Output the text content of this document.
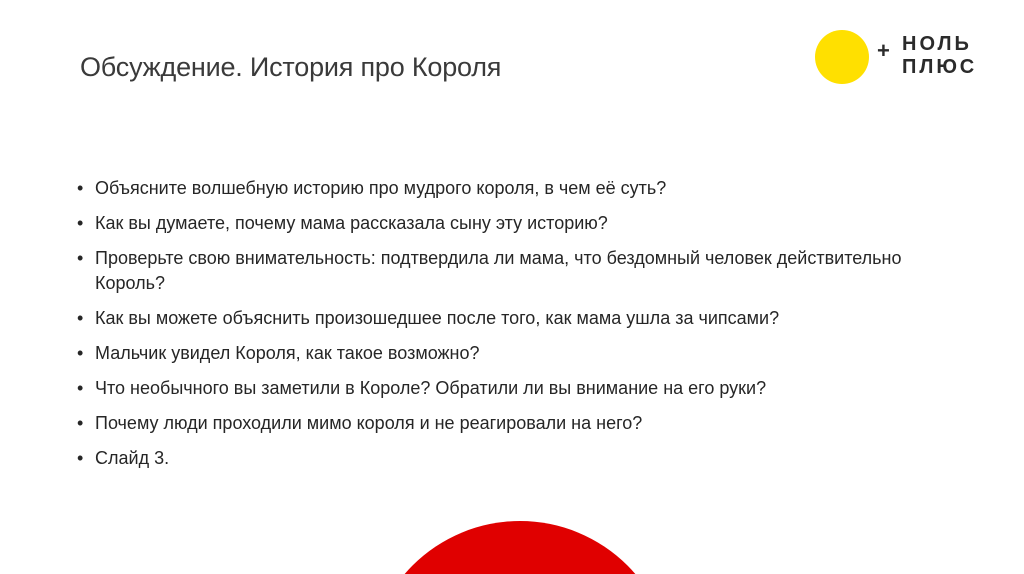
Обсуждение. История про Короля
+ НОЛЬ
ПЛЮС
• Объясните волшебную историю про мудрого короля, в чем её суть?
• Как вы думаете, почему мама рассказала сыну эту историю?
• Проверьте свою внимательность: подтвердила ли мама, что бездомный человек действительно Король?
• Как вы можете объяснить произошедшее после того, как мама ушла за чипсами?
• Мальчик увидел Короля, как такое возможно?
• Что необычного вы заметили в Короле? Обратили ли вы внимание на его руки?
• Почему люди проходили мимо короля и не реагировали на него?
• Слайд 3.
